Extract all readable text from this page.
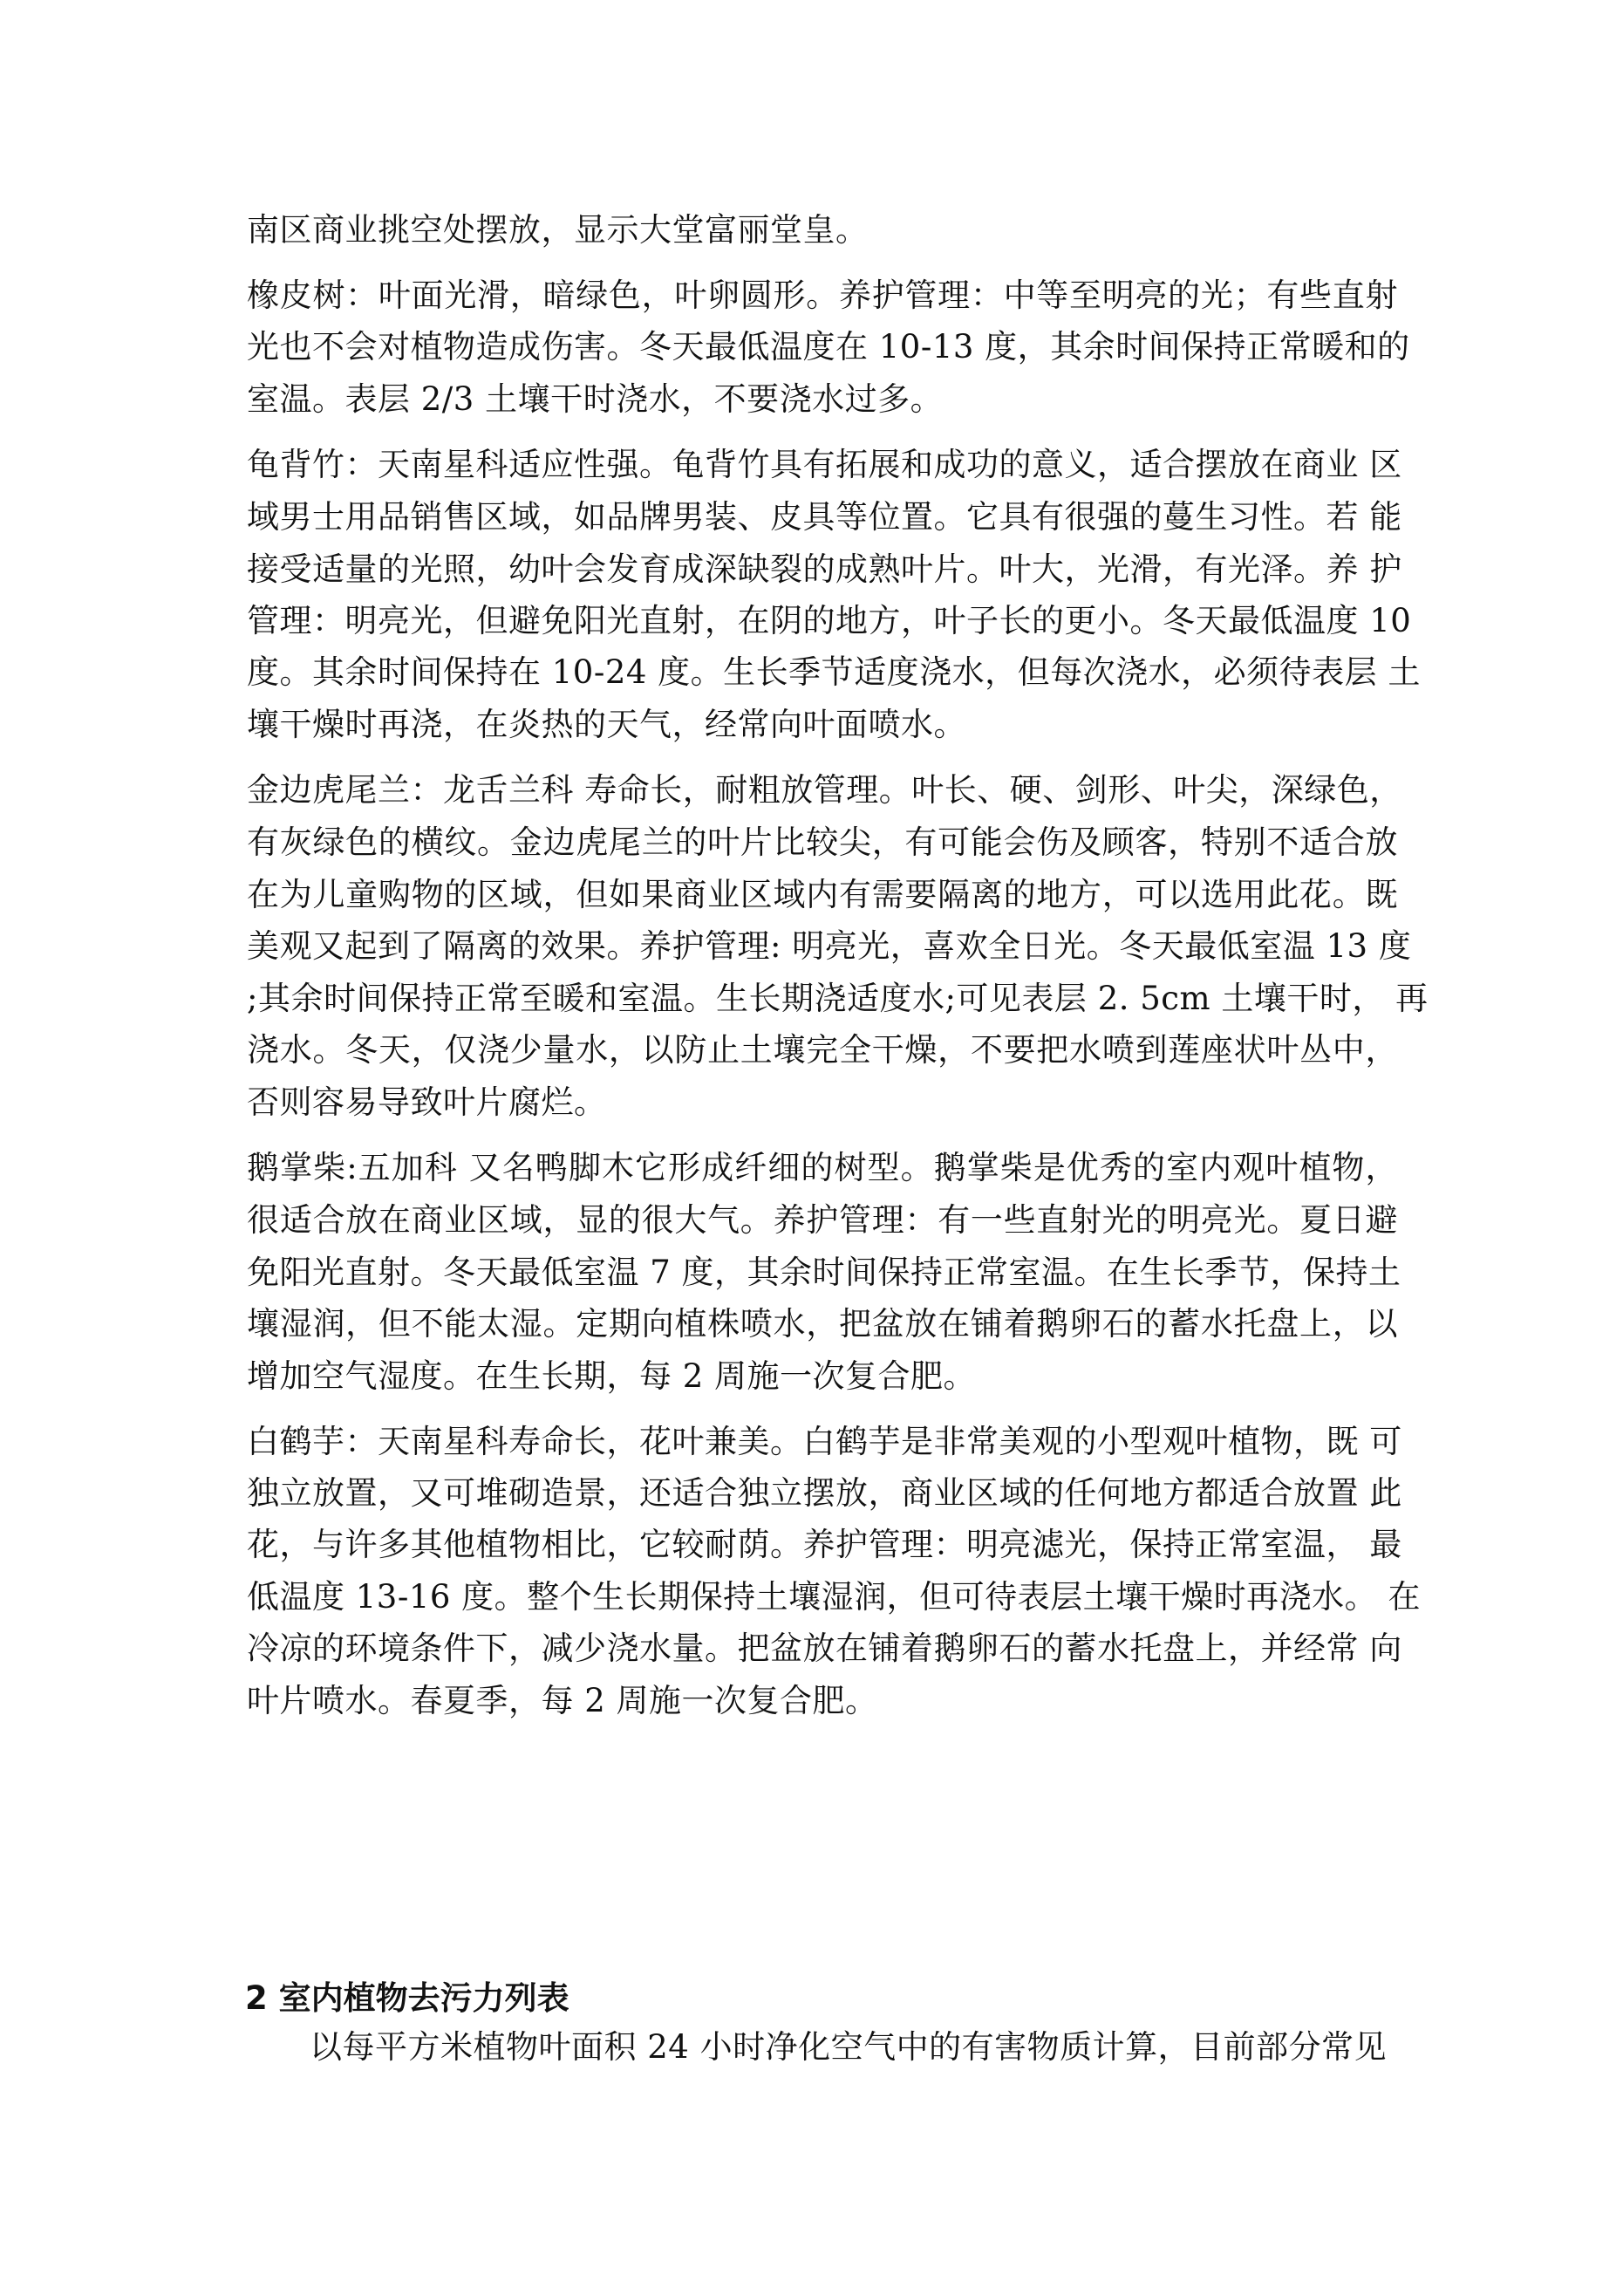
南区商业挑空处摆放，显示大堂富丽堂皇。
橡皮树：叶面光滑，暗绿色，叶卵圆形。养护管理：中等至明亮的光；有些直射
光也不会对植物造成伤害。冬天最低温度在 10-13 度，其余时间保持正常暖和的
室温。表层 2/3 土壤干时浇水，不要浇水过多。
龟背竹：天南星科适应性强。龟背竹具有拓展和成功的意义，适合摆放在商业 区
域男士用品销售区域，如品牌男装、皮具等位置。它具有很强的蔓生习性。若 能
接受适量的光照，幼叶会发育成深缺裂的成熟叶片。叶大，光滑，有光泽。养 护
管理：明亮光，但避免阳光直射，在阴的地方，叶子长的更小。冬天最低温度 10
度。其余时间保持在 10-24 度。生长季节适度浇水，但每次浇水，必须待表层 土
壤干燥时再浇，在炎热的天气，经常向叶面喷水。
金边虎尾兰：龙舌兰科 寿命长，耐粗放管理。叶长、硬、剑形、叶尖，深绿色，
有灰绿色的横纹。金边虎尾兰的叶片比较尖，有可能会伤及顾客，特别不适合放
在为儿童购物的区域，但如果商业区域内有需要隔离的地方，可以选用此花。既
美观又起到了隔离的效果。养护管理: 明亮光，喜欢全日光。冬天最低室温 13 度
;其余时间保持正常至暖和室温。生长期浇适度水;可见表层 2. 5cm 土壤干时， 再
浇水。冬天，仅浇少量水，以防止土壤完全干燥，不要把水喷到莲座状叶丛中，
否则容易导致叶片腐烂。
鹅掌柴:五加科 又名鸭脚木它形成纤细的树型。鹅掌柴是优秀的室内观叶植物，
很适合放在商业区域，显的很大气。养护管理：有一些直射光的明亮光。夏日避
免阳光直射。冬天最低室温 7 度，其余时间保持正常室温。在生长季节，保持土
壤湿润，但不能太湿。定期向植株喷水，把盆放在铺着鹅卵石的蓄水托盘上，以
增加空气湿度。在生长期，每 2 周施一次复合肥。
白鹤芋：天南星科寿命长，花叶兼美。白鹤芋是非常美观的小型观叶植物，既 可
独立放置，又可堆砌造景，还适合独立摆放，商业区域的任何地方都适合放置 此
花，与许多其他植物相比，它较耐荫。养护管理：明亮滤光，保持正常室温， 最
低温度 13-16 度。整个生长期保持土壤湿润，但可待表层土壤干燥时再浇水。 在
冷凉的环境条件下，减少浇水量。把盆放在铺着鹅卵石的蓄水托盘上，并经常 向
叶片喷水。春夏季，每 2 周施一次复合肥。
2 室内植物去污力列表
以每平方米植物叶面积 24 小时净化空气中的有害物质计算，目前部分常见
